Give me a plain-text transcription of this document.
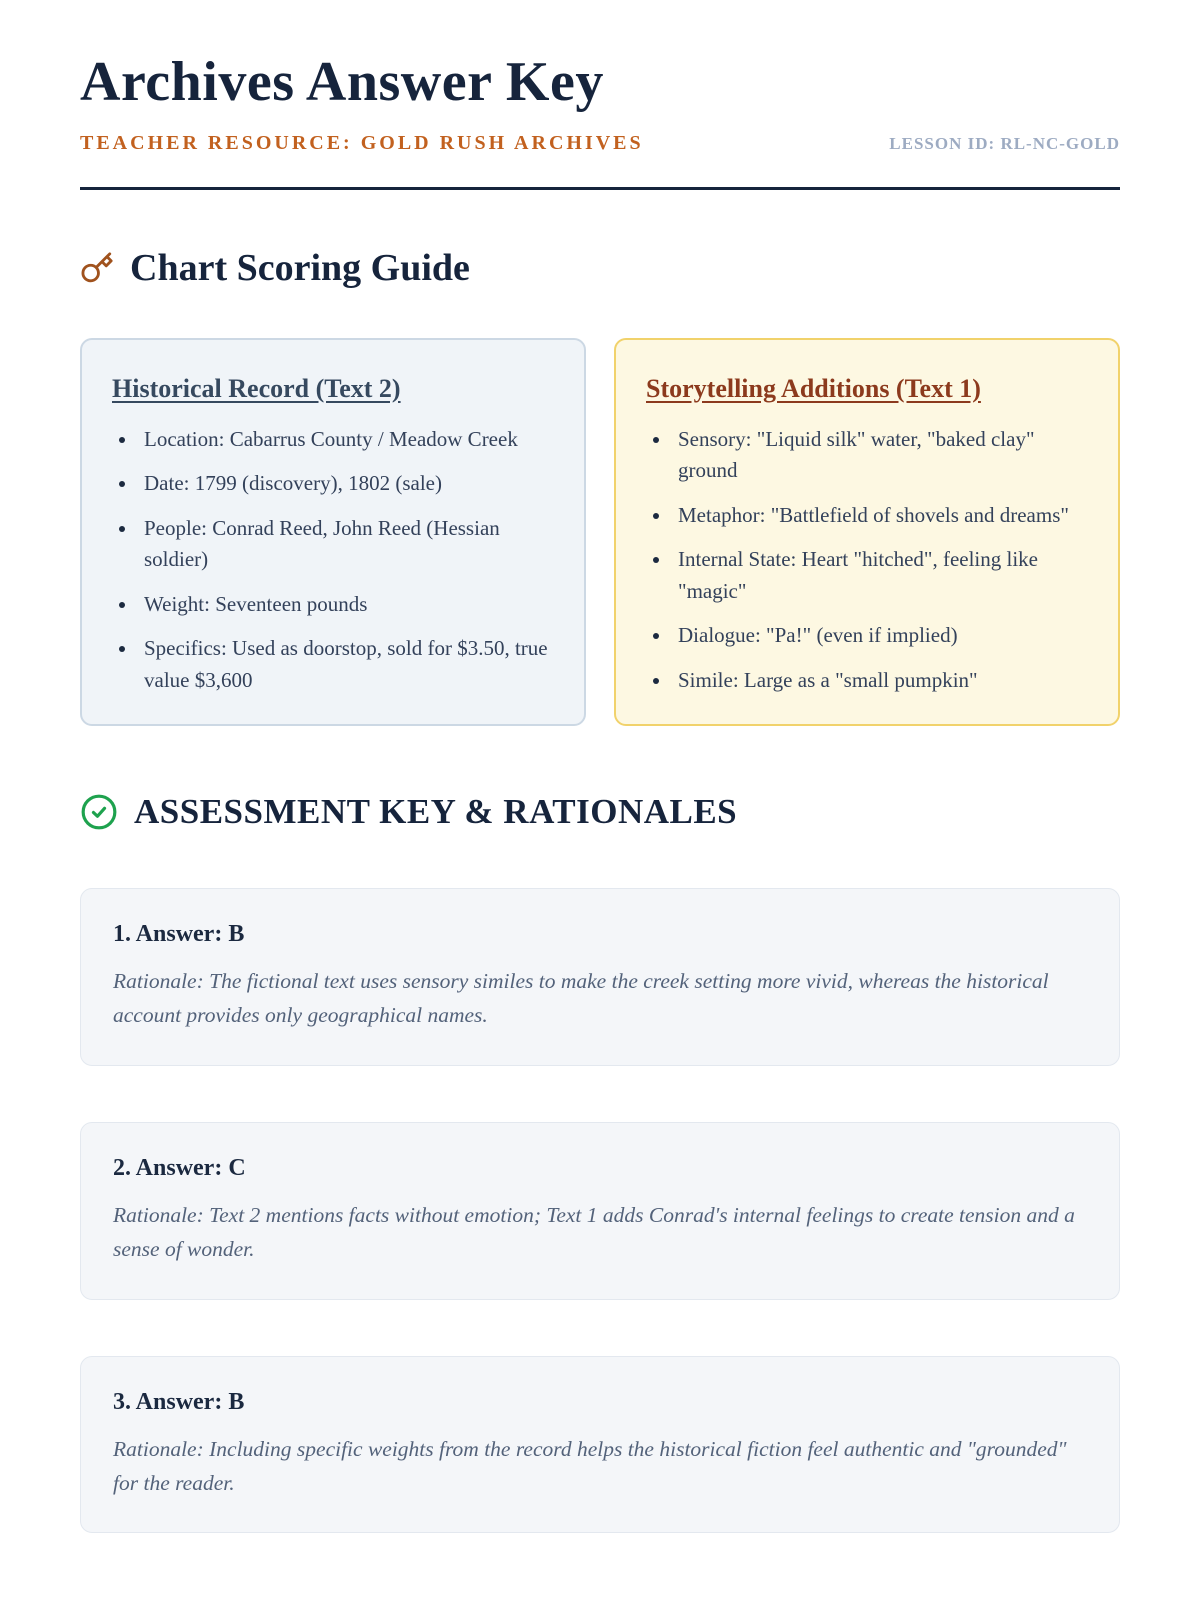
Archives Answer Key
TEACHER RESOURCE: GOLD RUSH ARCHIVES	LESSON ID: RL-NC-GOLD
Chart Scoring Guide
Historical Record (Text 2)
• Location: Cabarrus County / Meadow Creek
• Date: 1799 (discovery), 1802 (sale)
• People: Conrad Reed, John Reed (Hessian soldier)
• Weight: Seventeen pounds
• Specifics: Used as doorstop, sold for $3.50, true value $3,600
Storytelling Additions (Text 1)
• Sensory: "Liquid silk" water, "baked clay" ground
• Metaphor: "Battlefield of shovels and dreams"
• Internal State: Heart "hitched", feeling like "magic"
• Dialogue: "Pa!" (even if implied)
• Simile: Large as a "small pumpkin"
ASSESSMENT KEY & RATIONALES
1. Answer: B
Rationale: The fictional text uses sensory similes to make the creek setting more vivid, whereas the historical account provides only geographical names.
2. Answer: C
Rationale: Text 2 mentions facts without emotion; Text 1 adds Conrad's internal feelings to create tension and a sense of wonder.
3. Answer: B
Rationale: Including specific weights from the record helps the historical fiction feel authentic and "grounded" for the reader.
